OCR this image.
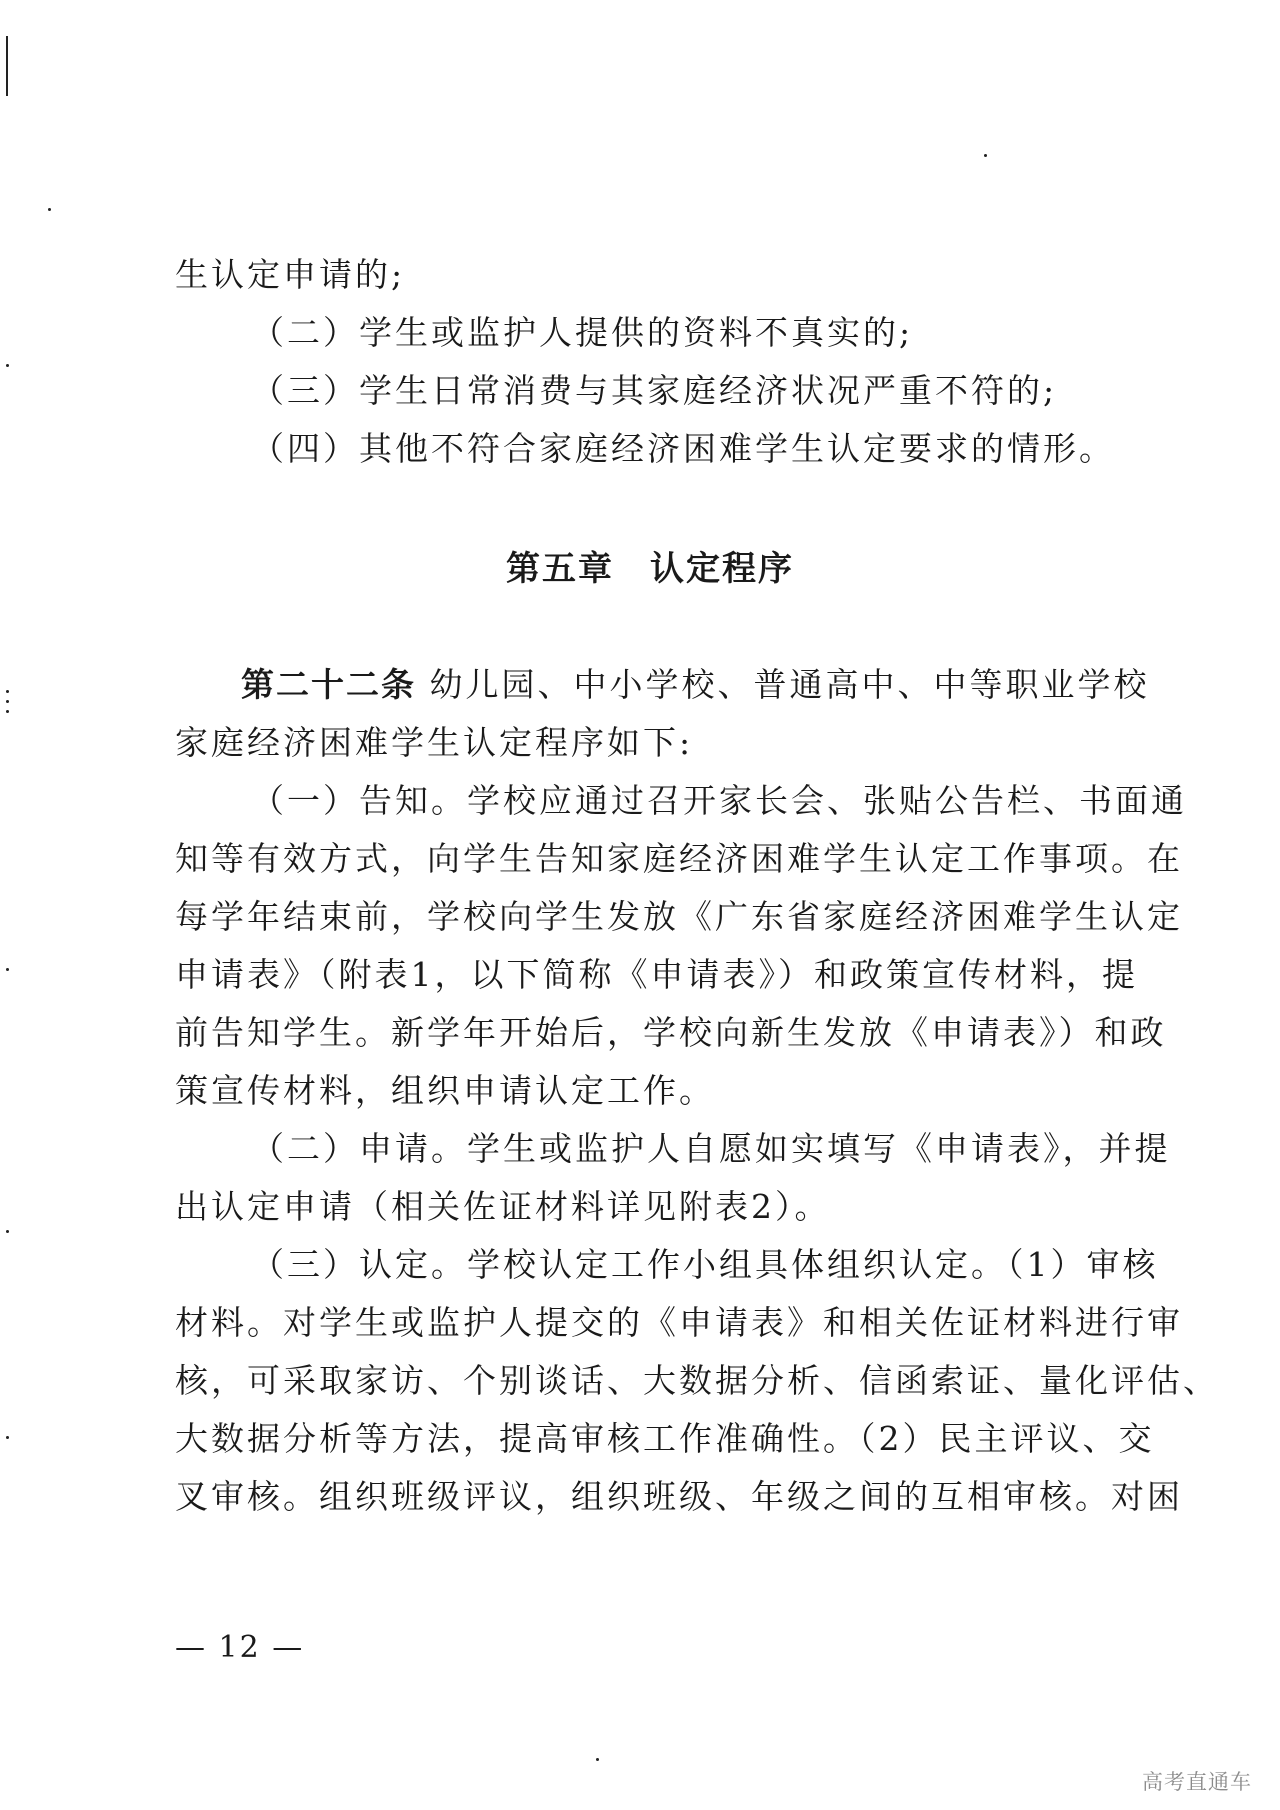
生认定申请的;
（二）学生或监护人提供的资料不真实的;
（三）学生日常消费与其家庭经济状况严重不符的;
（四）其他不符合家庭经济困难学生认定要求的情形。
第五章　认定程序
第二十二条 幼儿园、中小学校、普通高中、中等职业学校
家庭经济困难学生认定程序如下:
（一）告知。学校应通过召开家长会、张贴公告栏、书面通
知等有效方式，向学生告知家庭经济困难学生认定工作事项。在
每学年结束前，学校向学生发放《广东省家庭经济困难学生认定
申请表》（附表1，以下简称《申请表》）和政策宣传材料，提
前告知学生。新学年开始后，学校向新生发放《申请表》）和政
策宣传材料，组织申请认定工作。
（二）申请。学生或监护人自愿如实填写《申请表》，并提
出认定申请（相关佐证材料详见附表2）。
（三）认定。学校认定工作小组具体组织认定。（1）审核
材料。对学生或监护人提交的《申请表》和相关佐证材料进行审
核，可采取家访、个别谈话、大数据分析、信函索证、量化评估、
大数据分析等方法，提高审核工作准确性。（2）民主评议、交
叉审核。组织班级评议，组织班级、年级之间的互相审核。对困
— 12 —
高考直通车
